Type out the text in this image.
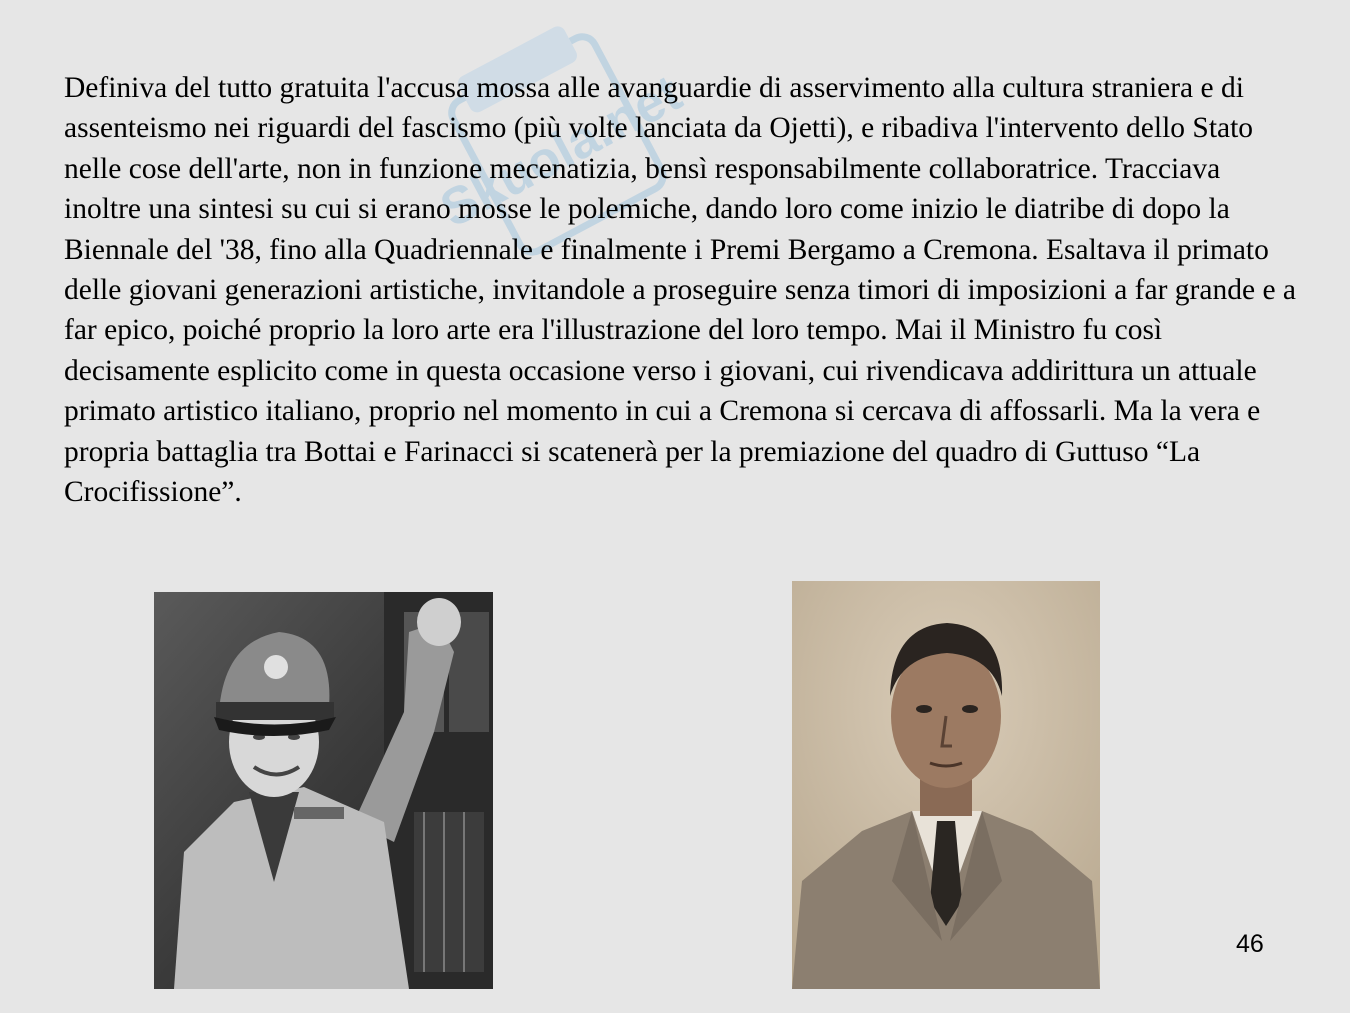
Skuola.net

Definiva del tutto gratuita l'accusa mossa alle avanguardie di asservimento alla cultura straniera e di assenteismo nei riguardi del fascismo (più volte lanciata da Ojetti), e ribadiva l'intervento dello Stato nelle cose dell'arte, non in funzione mecenatizia, bensì responsabilmente collaboratrice. Tracciava inoltre una sintesi su cui si erano mosse le polemiche, dando loro come inizio le diatribe di dopo la Biennale del '38, fino alla Quadriennale e finalmente i Premi Bergamo a Cremona. Esaltava il primato delle giovani generazioni artistiche, invitandole a proseguire senza timori di imposizioni a far grande e a far epico, poiché proprio la loro arte era l'illustrazione del loro tempo. Mai il Ministro fu così decisamente esplicito come in questa occasione verso i giovani, cui rivendicava addirittura un attuale primato artistico italiano, proprio nel momento in cui a Cremona si cercava di affossarli. Ma la vera e propria battaglia tra Bottai e Farinacci si scatenerà per la premiazione del quadro di Guttuso “La Crocifissione”.

46
